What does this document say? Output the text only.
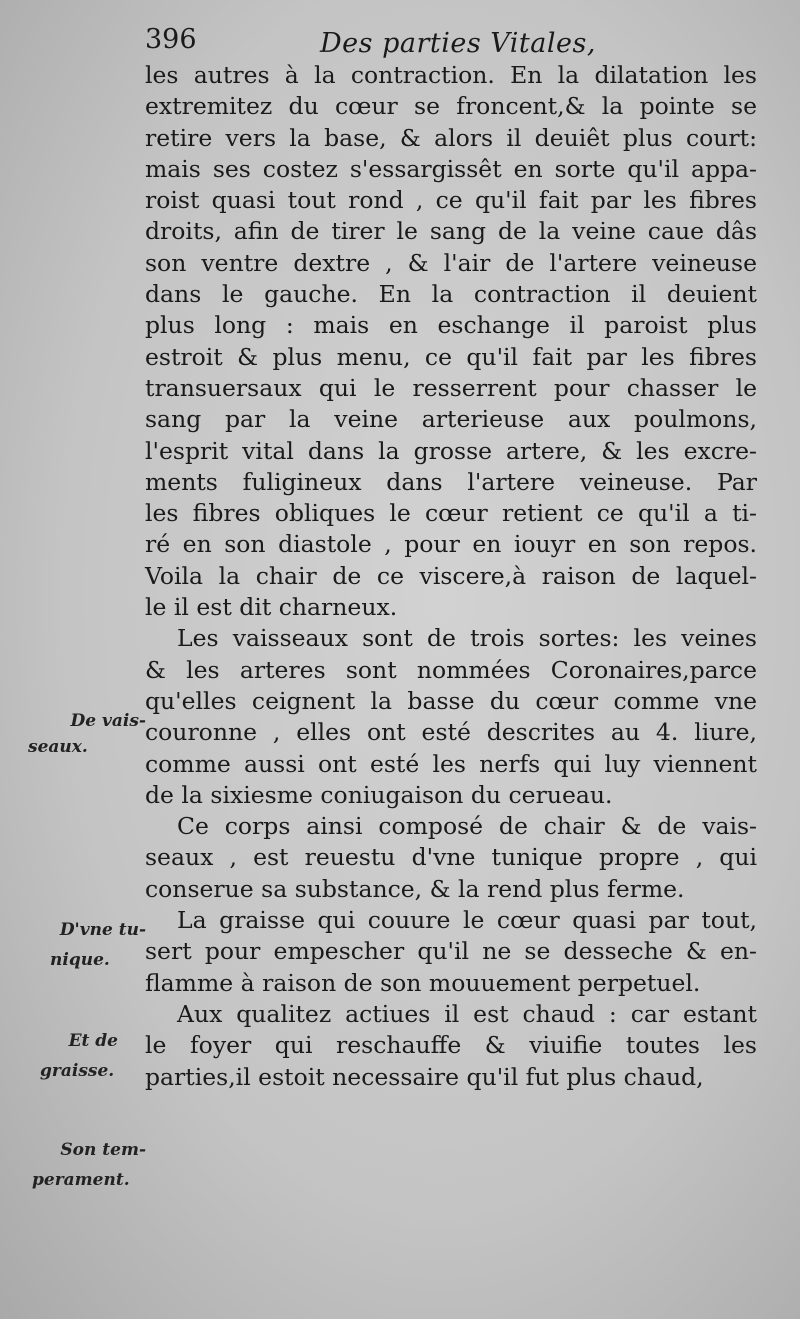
396	Des parties Vitales,
les autres à la contraction. En la dilatation les
extremitez du cœur se froncent,& la pointe se
retire vers la base, & alors il deuiêt plus court:
mais ses costez s'essargissêt en sorte qu'il appa-
roist quasi tout rond , ce qu'il fait par les fibres
droits, afin de tirer le sang de la veine caue dâs
son ventre dextre , & l'air de l'artere veineuse
dans le gauche. En la contraction il deuient
plus long : mais en eschange il paroist plus
estroit & plus menu, ce qu'il fait par les fibres
transuersaux qui le resserrent pour chasser le
sang par la veine arterieuse aux poulmons,
l'esprit vital dans la grosse artere, & les excre-
ments fuligineux dans l'artere veineuse. Par
les fibres obliques le cœur retient ce qu'il a ti-
ré en son diastole , pour en iouyr en son repos.
Voila la chair de ce viscere,à raison de laquel-
le il est dit charneux.
Les vaisseaux sont de trois sortes: les veines
& les arteres sont nommées Coronaires,parce
qu'elles ceignent la basse du cœur comme vne
couronne , elles ont esté descrites au 4. liure,
comme aussi ont esté les nerfs qui luy viennent
de la sixiesme coniugaison du cerueau.
Ce corps ainsi composé de chair & de vais-
seaux , est reuestu d'vne tunique propre , qui
conserue sa substance, & la rend plus ferme.
La graisse qui couure le cœur quasi par tout,
sert pour empescher qu'il ne se desseche & en-
flamme à raison de son mouuement perpetuel.
Aux qualitez actiues il est chaud : car estant
le foyer qui reschauffe & viuifie toutes les
parties,il estoit necessaire qu'il fut plus chaud,
De vais-
seaux.
D'vne tu-
nique.
Et de
graisse.
Son tem-
perament.
